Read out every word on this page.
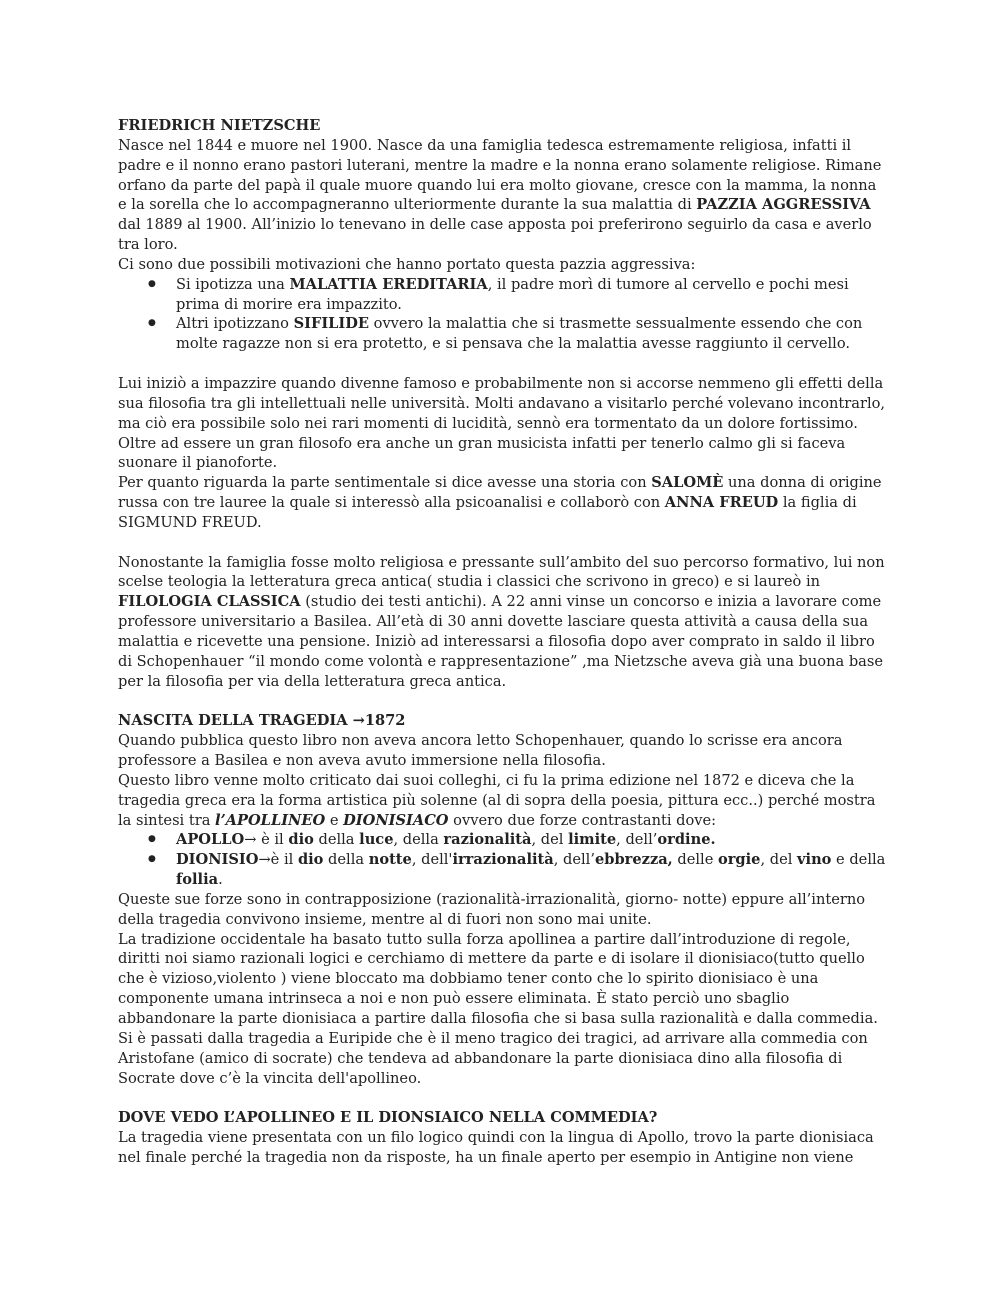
FRIEDRICH NIETZSCHE

Nasce nel 1844 e muore nel 1900. Nasce da una famiglia tedesca estremamente religiosa, infatti il padre e il nonno erano pastori luterani, mentre la madre e la nonna erano solamente religiose. Rimane orfano da parte del papà il quale muore quando lui era molto giovane, cresce con la mamma, la nonna e la sorella che lo accompagneranno ulteriormente durante la sua malattia di PAZZIA AGGRESSIVA dal 1889 al 1900. All’inizio lo tenevano in delle case apposta poi preferirono seguirlo da casa e averlo tra loro.

Ci sono due possibili motivazioni che hanno portato questa pazzia aggressiva:

● Si ipotizza una MALATTIA EREDITARIA, il padre morì di tumore al cervello e pochi mesi prima di morire era impazzito.
● Altri ipotizzano SIFILIDE ovvero la malattia che si trasmette sessualmente essendo che con molte ragazze non si era protetto, e si pensava che la malattia avesse raggiunto il cervello.

Lui iniziò a impazzire quando divenne famoso e probabilmente non si accorse nemmeno gli effetti della sua filosofia tra gli intellettuali nelle università. Molti andavano a visitarlo perché volevano incontrarlo, ma ciò era possibile solo nei rari momenti di lucidità, sennò era tormentato da un dolore fortissimo. Oltre ad essere un gran filosofo era anche un gran musicista infatti per tenerlo calmo gli si faceva suonare il pianoforte.

Per quanto riguarda la parte sentimentale si dice avesse una storia con SALOMÈ una donna di origine russa con tre lauree la quale si interessò alla psicoanalisi e collaborò con ANNA FREUD la figlia di SIGMUND FREUD.

Nonostante la famiglia fosse molto religiosa e pressante sull’ambito del suo percorso formativo, lui non scelse teologia la letteratura greca antica( studia i classici che scrivono in greco) e si laureò in FILOLOGIA CLASSICA (studio dei testi antichi). A 22 anni vinse un concorso e inizia a lavorare come professore universitario a Basilea. All’età di 30 anni dovette lasciare questa attività a causa della sua malattia e ricevette una pensione. Iniziò ad interessarsi a filosofia dopo aver comprato in saldo il libro di Schopenhauer “il mondo come volontà e rappresentazione” ,ma Nietzsche aveva già una buona base per la filosofia per via della letteratura greca antica.

NASCITA DELLA TRAGEDIA →1872

Quando pubblica questo libro non aveva ancora letto Schopenhauer, quando lo scrisse era ancora professore a Basilea e non aveva avuto immersione nella filosofia.

Questo libro venne molto criticato dai suoi colleghi, ci fu la prima edizione nel 1872 e diceva che la tragedia greca era la forma artistica più solenne (al di sopra della poesia, pittura ecc..) perché mostra la sintesi tra l’APOLLINEO e DIONISIACO ovvero due forze contrastanti dove:

● APOLLO→ è il dio della luce, della razionalità, del limite, dell’ordine.
● DIONISIO→è il dio della notte, dell'irrazionalità, dell’ebbrezza, delle orgie, del vino e della follia.

Queste sue forze sono in contrapposizione (razionalità-irrazionalità, giorno- notte) eppure all’interno della tragedia convivono insieme, mentre al di fuori non sono mai unite.

La tradizione occidentale ha basato tutto sulla forza apollinea a partire dall’introduzione di regole, diritti noi siamo razionali logici e cerchiamo di mettere da parte e di isolare il dionisiaco(tutto quello che è vizioso,violento ) viene bloccato ma dobbiamo tener conto che lo spirito dionisiaco è una componente umana intrinseca a noi e non può essere eliminata. È stato perciò uno sbaglio abbandonare la parte dionisiaca a partire dalla filosofia che si basa sulla razionalità e dalla commedia. Si è passati dalla tragedia a Euripide che è il meno tragico dei tragici, ad arrivare alla commedia con Aristofane (amico di socrate) che tendeva ad abbandonare la parte dionisiaca dino alla filosofia di Socrate dove c’è la vincita dell'apollineo.

DOVE VEDO L’APOLLINEO E IL DIONSIAICO NELLA COMMEDIA?

La tragedia viene presentata con un filo logico quindi con la lingua di Apollo, trovo la parte dionisiaca nel finale perché la tragedia non da risposte, ha un finale aperto per esempio in Antigine non viene
